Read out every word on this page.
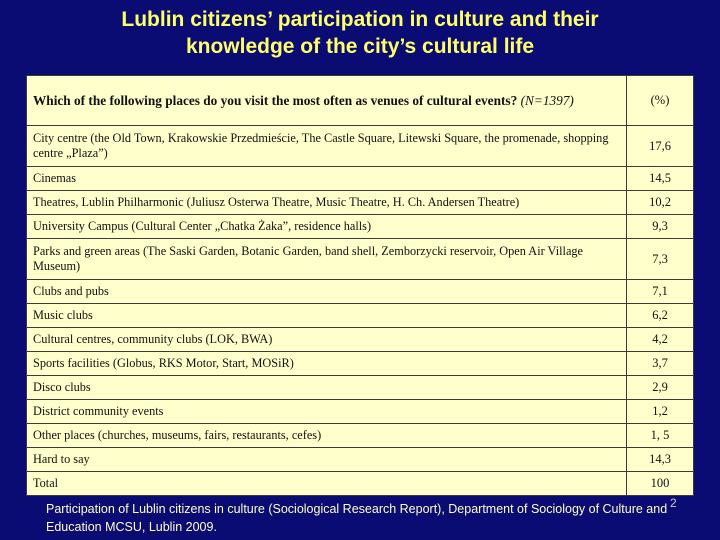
Lublin citizens’ participation in culture and their
knowledge of the city’s cultural life
Which of the following places do you visit the most often as venues of cultural events? (N=1397)	(%)
City centre (the Old Town, Krakowskie Przedmieście, The Castle Square, Litewski Square, the promenade, shopping centre „Plaza”)	17,6
Cinemas	14,5
Theatres, Lublin Philharmonic (Juliusz Osterwa Theatre, Music Theatre, H. Ch. Andersen Theatre)	10,2
University Campus (Cultural Center „Chatka Żaka”, residence halls)	9,3
Parks and green areas (The Saski Garden, Botanic Garden, band shell, Zemborzycki reservoir, Open Air Village Museum)	7,3
Clubs and pubs	7,1
Music clubs	6,2
Cultural centres, community clubs (LOK, BWA)	4,2
Sports facilities (Globus, RKS Motor, Start, MOSiR)	3,7
Disco clubs	2,9
District community events	1,2
Other places (churches, museums, fairs, restaurants, cefes)	1, 5
Hard to say	14,3
Total	100
Participation of Lublin citizens in culture (Sociological Research Report), Department of Sociology of Culture and Education MCSU, Lublin 2009.
2
